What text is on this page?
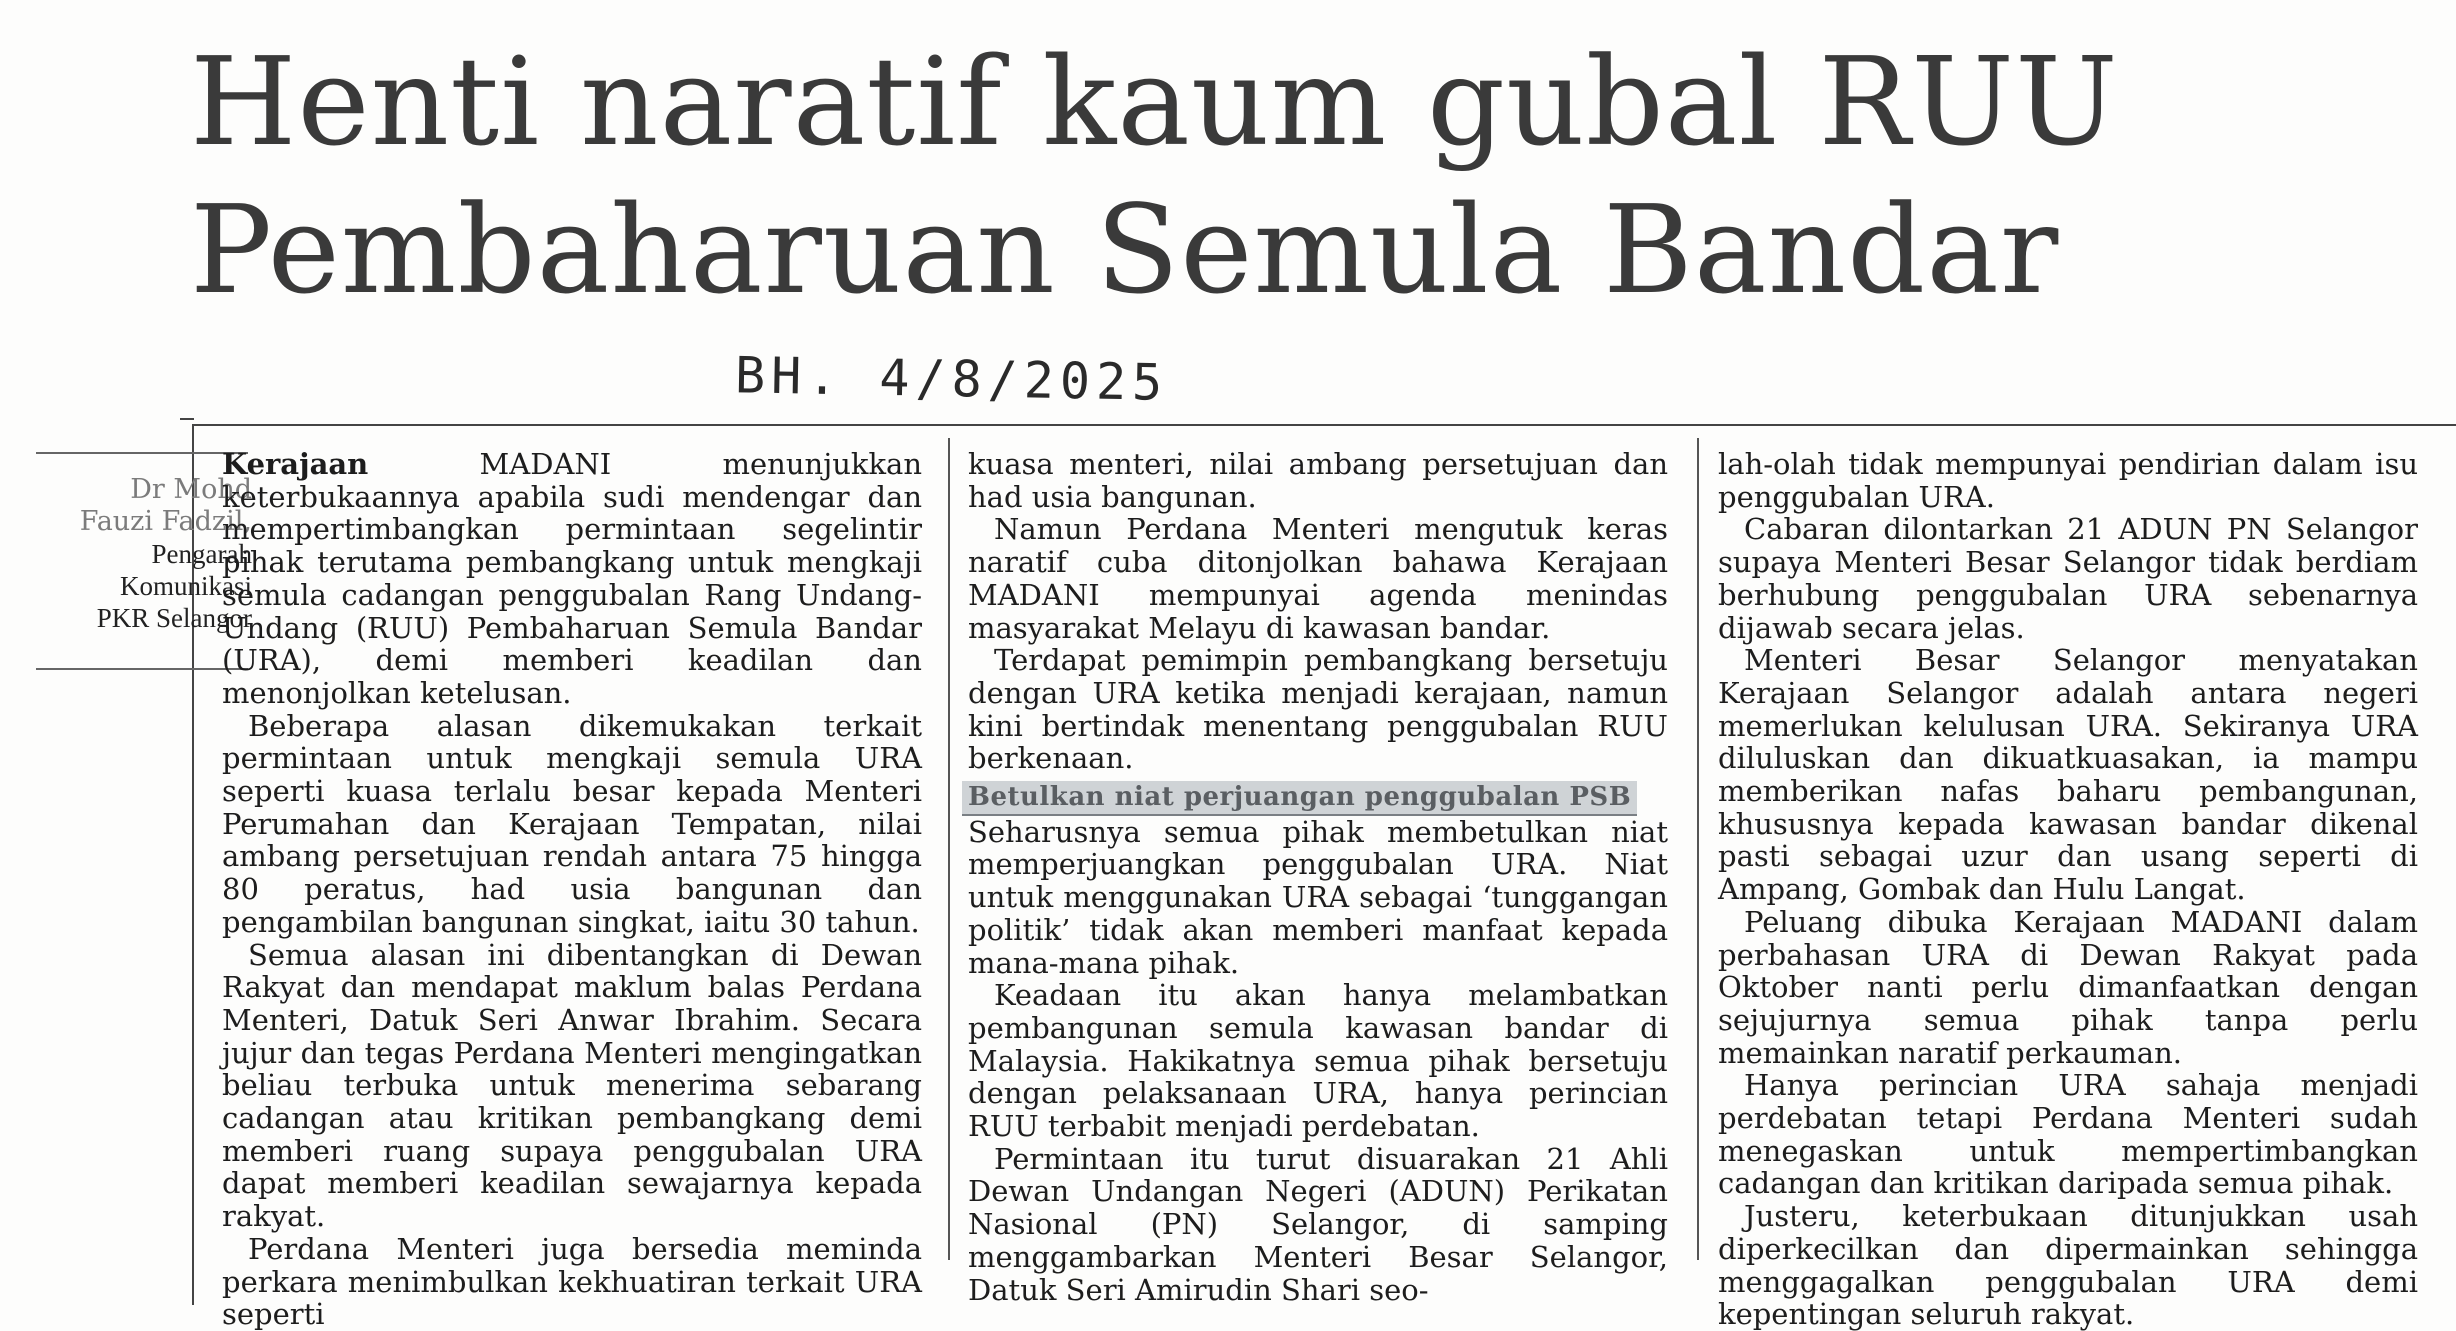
Henti naratif kaum gubal RUU
Pembaharuan Semula Bandar
BH. 4/8/2025
Dr Mohd
Fauzi Fadzil,
Pengarah
Komunikasi
PKR Selangor

Kerajaan MADANI menunjukkan keterbukaannya apabila sudi mendengar dan mempertimbangkan permintaan segelintir pihak terutama pembangkang untuk mengkaji semula cadangan penggubalan Rang Undang-Undang (RUU) Pembaharuan Semula Bandar (URA), demi memberi keadilan dan menonjolkan ketelusan.

Beberapa alasan dikemukakan terkait permintaan untuk mengkaji semula URA seperti kuasa terlalu besar kepada Menteri Perumahan dan Kerajaan Tempatan, nilai ambang persetujuan rendah antara 75 hingga 80 peratus, had usia bangunan dan pengambilan bangunan singkat, iaitu 30 tahun.

Semua alasan ini dibentangkan di Dewan Rakyat dan mendapat maklum balas Perdana Menteri, Datuk Seri Anwar Ibrahim. Secara jujur dan tegas Perdana Menteri mengingatkan beliau terbuka untuk menerima sebarang cadangan atau kritikan pembangkang demi memberi ruang supaya penggubalan URA dapat memberi keadilan sewajarnya kepada rakyat.

Perdana Menteri juga bersedia meminda perkara menimbulkan kekhuatiran terkait URA seperti

kuasa menteri, nilai ambang persetujuan dan had usia bangunan.

Namun Perdana Menteri mengutuk keras naratif cuba ditonjolkan bahawa Kerajaan MADANI mempunyai agenda menindas masyarakat Melayu di kawasan bandar.

Terdapat pemimpin pembangkang bersetuju dengan URA ketika menjadi kerajaan, namun kini bertindak menentang penggubalan RUU berkenaan.

Betulkan niat perjuangan penggubalan PSB

Seharusnya semua pihak membetulkan niat memperjuangkan penggubalan URA. Niat untuk menggunakan URA sebagai ‘tunggangan politik’ tidak akan memberi manfaat kepada mana-mana pihak.

Keadaan itu akan hanya melambatkan pembangunan semula kawasan bandar di Malaysia. Hakikatnya semua pihak bersetuju dengan pelaksanaan URA, hanya perincian RUU terbabit menjadi perdebatan.

Permintaan itu turut disuarakan 21 Ahli Dewan Undangan Negeri (ADUN) Perikatan Nasional (PN) Selangor, di samping menggambarkan Menteri Besar Selangor, Datuk Seri Amirudin Shari seo-

lah-olah tidak mempunyai pendirian dalam isu penggubalan URA.

Cabaran dilontarkan 21 ADUN PN Selangor supaya Menteri Besar Selangor tidak berdiam berhubung penggubalan URA sebenarnya dijawab secara jelas.

Menteri Besar Selangor menyatakan Kerajaan Selangor adalah antara negeri memerlukan kelulusan URA. Sekiranya URA diluluskan dan dikuatkuasakan, ia mampu memberikan nafas baharu pembangunan, khususnya kepada kawasan bandar dikenal pasti sebagai uzur dan usang seperti di Ampang, Gombak dan Hulu Langat.

Peluang dibuka Kerajaan MADANI dalam perbahasan URA di Dewan Rakyat pada Oktober nanti perlu dimanfaatkan dengan sejujurnya semua pihak tanpa perlu memainkan naratif perkauman.

Hanya perincian URA sahaja menjadi perdebatan tetapi Perdana Menteri sudah menegaskan untuk mempertimbangkan cadangan dan kritikan daripada semua pihak.

Justeru, keterbukaan ditunjukkan usah diperkecilkan dan dipermainkan sehingga menggagalkan penggubalan URA demi kepentingan seluruh rakyat.
